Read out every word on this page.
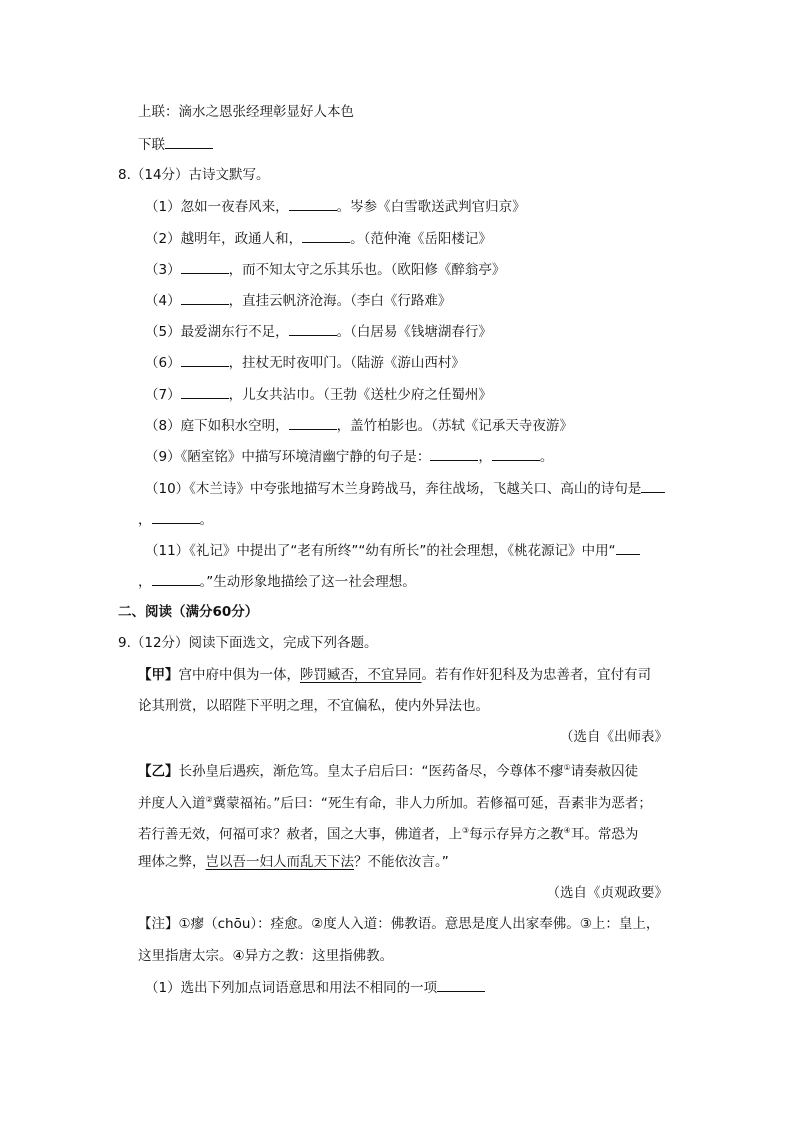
上联：滴水之恩张经理彰显好人本色
下联
8.（14分）古诗文默写。
（1）忽如一夜春风来，	。岑参《白雪歌送武判官归京》
（2）越明年，政通人和，	。（范仲淹《岳阳楼记》
（3）	，而不知太守之乐其乐也。（欧阳修《醉翁亭》
（4）	，直挂云帆济沧海。（李白《行路难》
（5）最爱湖东行不足，	。（白居易《钱塘湖春行》
（6）	，拄杖无时夜叩门。（陆游《游山西村》
（7）	，儿女共沾巾。（王勃《送杜少府之任蜀州》
（8）庭下如积水空明，	，盖竹柏影也。（苏轼《记承天寺夜游》
（9）《陋室铭》中描写环境清幽宁静的句子是：	，	。
（10）《木兰诗》中夸张地描写木兰身跨战马，奔往战场，飞越关口、高山的诗句是
，	。
（11）《礼记》中提出了“老有所终”“幼有所长”的社会理想，《桃花源记》中用“
，	。”生动形象地描绘了这一社会理想。
二、阅读（满分60分）
9.（12分）阅读下面选文，完成下列各题。
【甲】宫中府中俱为一体，陟罚臧否，不宜异同。若有作奸犯科及为忠善者，宜付有司
论其刑赏，以昭陛下平明之理，不宜偏私，使内外异法也。
（选自《出师表》
【乙】长孙皇后遇疾，渐危笃。皇太子启后曰：“医药备尽，今尊体不瘳①请奏赦囚徒
并度人入道②冀蒙福祐。”后曰：“死生有命，非人力所加。若修福可延，吾素非为恶者；
若行善无效，何福可求？赦者，国之大事，佛道者，上③每示存异方之教④耳。常恐为
理体之弊，岂以吾一妇人而乱天下法？不能依汝言。”
（选自《贞观政要》
【注】①瘳（chōu）：痊愈。②度人入道：佛教语。意思是度人出家奉佛。③上：皇上，
这里指唐太宗。④异方之教：这里指佛教。
（1）选出下列加点词语意思和用法不相同的一项
